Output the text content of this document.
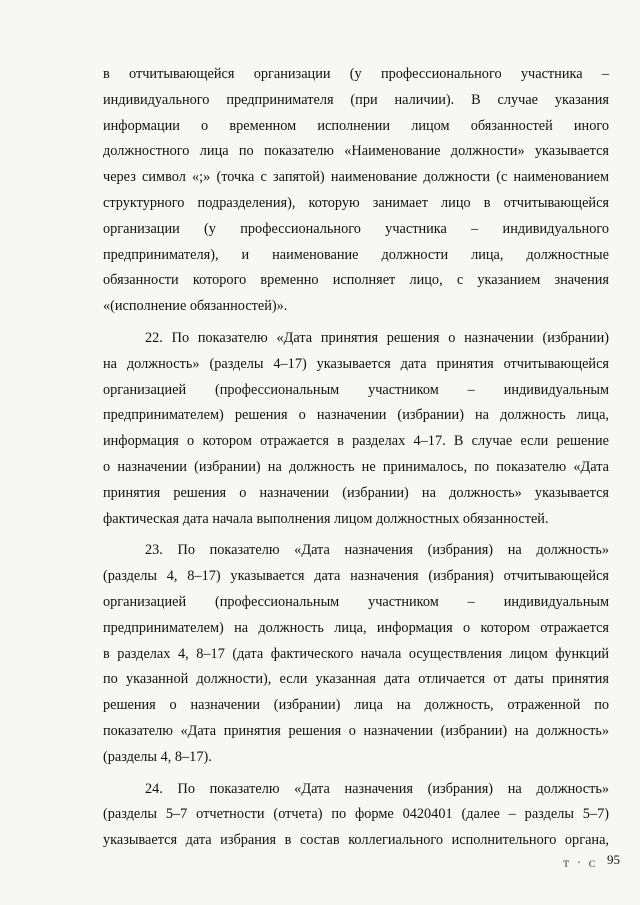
в отчитывающейся организации (у профессионального участника –
индивидуального предпринимателя (при наличии). В случае указания
информации о временном исполнении лицом обязанностей иного
должностного лица по показателю «Наименование должности» указывается
через символ «;» (точка с запятой) наименование должности (с наименованием
структурного подразделения), которую занимает лицо в отчитывающейся
организации (у профессионального участника – индивидуального
предпринимателя), и наименование должности лица, должностные
обязанности которого временно исполняет лицо, с указанием значения
«(исполнение обязанностей)».
22. По показателю «Дата принятия решения о назначении (избрании)
на должность» (разделы 4–17) указывается дата принятия отчитывающейся
организацией (профессиональным участником – индивидуальным
предпринимателем) решения о назначении (избрании) на должность лица,
информация о котором отражается в разделах 4–17. В случае если решение
о назначении (избрании) на должность не принималось, по показателю «Дата
принятия решения о назначении (избрании) на должность» указывается
фактическая дата начала выполнения лицом должностных обязанностей.
23. По показателю «Дата назначения (избрания) на должность»
(разделы 4, 8–17) указывается дата назначения (избрания) отчитывающейся
организацией (профессиональным участником – индивидуальным
предпринимателем) на должность лица, информация о котором отражается
в разделах 4, 8–17 (дата фактического начала осуществления лицом функций
по указанной должности), если указанная дата отличается от даты принятия
решения о назначении (избрании) лица на должность, отраженной по
показателю «Дата принятия решения о назначении (избрании) на должность»
(разделы 4, 8–17).
24. По показателю «Дата назначения (избрания) на должность»
(разделы 5–7 отчетности (отчета) по форме 0420401 (далее – разделы 5–7)
указывается дата избрания в состав коллегиального исполнительного органа,
ᴛ · ᴄ 95
